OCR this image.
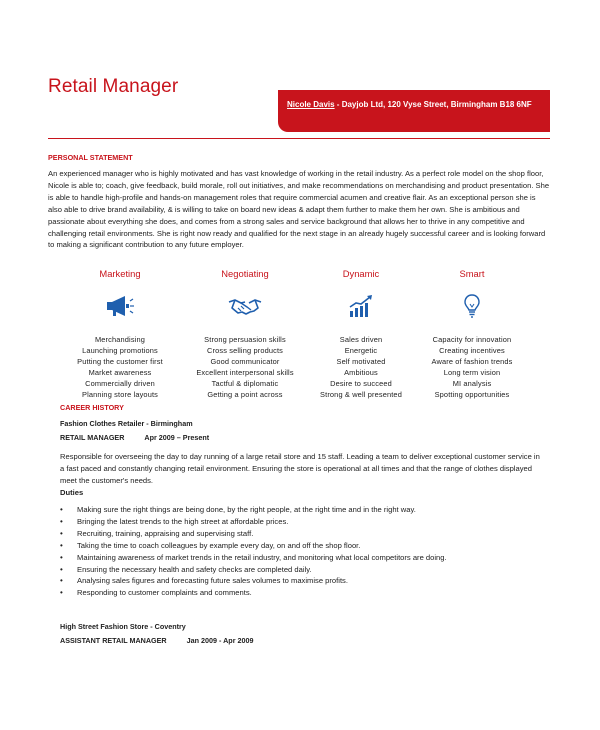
Retail Manager
Nicole Davis - Dayjob Ltd, 120 Vyse Street, Birmingham B18 6NF
PERSONAL STATEMENT

An experienced manager who is highly motivated and has vast knowledge of working in the retail industry. As a perfect role model on the shop floor, Nicole is able to; coach, give feedback, build morale, roll out initiatives, and make recommendations on merchandising and product presentation. She is able to handle high-profile and hands-on management roles that require commercial acumen and creative flair. As an exceptional person she is also able to drive brand availability, & is willing to take on board new ideas & adapt them further to make them her own. She is ambitious and passionate about everything she does, and comes from a strong sales and service background that allows her to thrive in any competitive and challenging retail environments. She is right now ready and qualified for the next stage in an already hugely successful career and is looking forward to making a significant contribution to any future employer.

Marketing
Merchandising
Launching promotions
Putting the customer first
Market awareness
Commercially driven
Planning store layouts
Negotiating
Strong persuasion skills
Cross selling products
Good communicator
Excellent interpersonal skills
Tactful & diplomatic
Getting a point across
Dynamic
Sales driven
Energetic
Self motivated
Ambitious
Desire to succeed
Strong & well presented
Smart
Capacity for innovation
Creating incentives
Aware of fashion trends
Long term vision
MI analysis
Spotting opportunities
CAREER HISTORY
Fashion Clothes Retailer - Birmingham
RETAIL MANAGER	Apr 2009 – Present

Responsible for overseeing the day to day running of a large retail store and 15 staff. Leading a team to deliver exceptional customer service in a fast paced and constantly changing retail environment. Ensuring the store is operational at all times and that the range of clothes displayed meet the customer's needs.

Duties
• Making sure the right things are being done, by the right people, at the right time and in the right way.
• Bringing the latest trends to the high street at affordable prices.
• Recruiting, training, appraising and supervising staff.
• Taking the time to coach colleagues by example every day, on and off the shop floor.
• Maintaining awareness of market trends in the retail industry, and monitoring what local competitors are doing.
• Ensuring the necessary health and safety checks are completed daily.
• Analysing sales figures and forecasting future sales volumes to maximise profits.
• Responding to customer complaints and comments.
High Street Fashion Store - Coventry
ASSISTANT RETAIL MANAGER	Jan 2009 - Apr 2009
